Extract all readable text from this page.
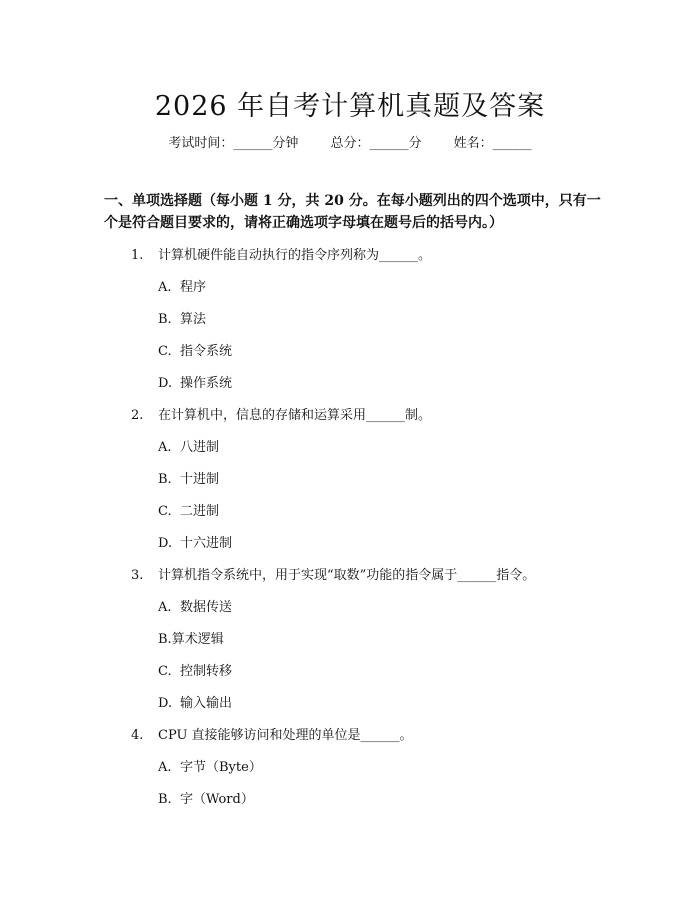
2026 年自考计算机真题及答案
考试时间：______分钟 总分：______分 姓名：______
一、单项选择题（每小题 1 分，共 20 分。在每小题列出的四个选项中，只有一个是符合题目要求的，请将正确选项字母填在题号后的括号内。）
1. 计算机硬件能自动执行的指令序列称为______。
A. 程序
B. 算法
C. 指令系统
D. 操作系统
2. 在计算机中，信息的存储和运算采用______制。
A. 八进制
B. 十进制
C. 二进制
D. 十六进制
3. 计算机指令系统中，用于实现“取数”功能的指令属于______指令。
A. 数据传送
B.算术逻辑
C. 控制转移
D. 输入输出
4. CPU 直接能够访问和处理的单位是______。
A. 字节（Byte）
B. 字（Word）
